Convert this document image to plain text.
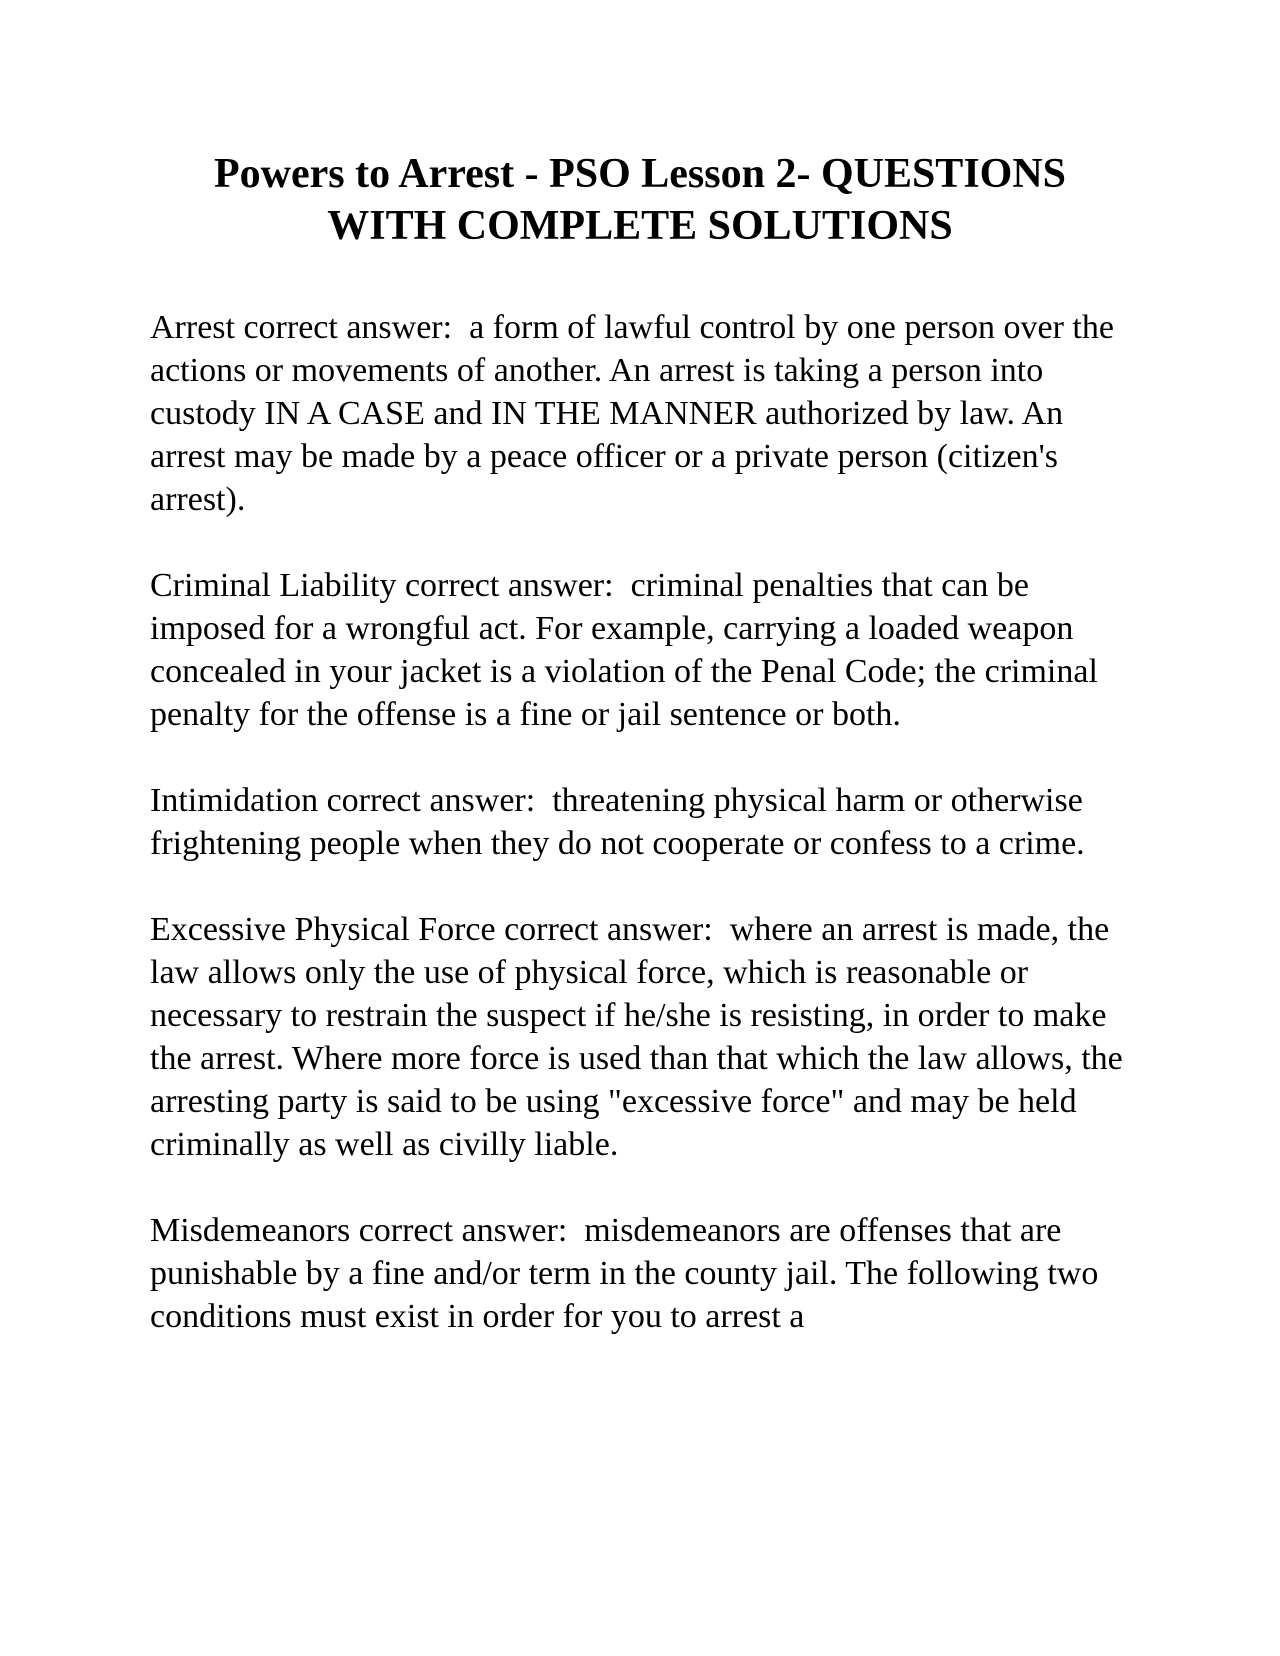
Powers to Arrest - PSO Lesson 2- QUESTIONS WITH COMPLETE SOLUTIONS

Arrest correct answer:  a form of lawful control by one person over the actions or movements of another. An arrest is taking a person into custody IN A CASE and IN THE MANNER authorized by law. An arrest may be made by a peace officer or a private person (citizen's arrest).

Criminal Liability correct answer:  criminal penalties that can be imposed for a wrongful act. For example, carrying a loaded weapon concealed in your jacket is a violation of the Penal Code; the criminal penalty for the offense is a fine or jail sentence or both.

Intimidation correct answer:  threatening physical harm or otherwise frightening people when they do not cooperate or confess to a crime.

Excessive Physical Force correct answer:  where an arrest is made, the law allows only the use of physical force, which is reasonable or necessary to restrain the suspect if he/she is resisting, in order to make the arrest. Where more force is used than that which the law allows, the arresting party is said to be using "excessive force" and may be held criminally as well as civilly liable.

Misdemeanors correct answer:  misdemeanors are offenses that are punishable by a fine and/or term in the county jail. The following two conditions must exist in order for you to arrest a
